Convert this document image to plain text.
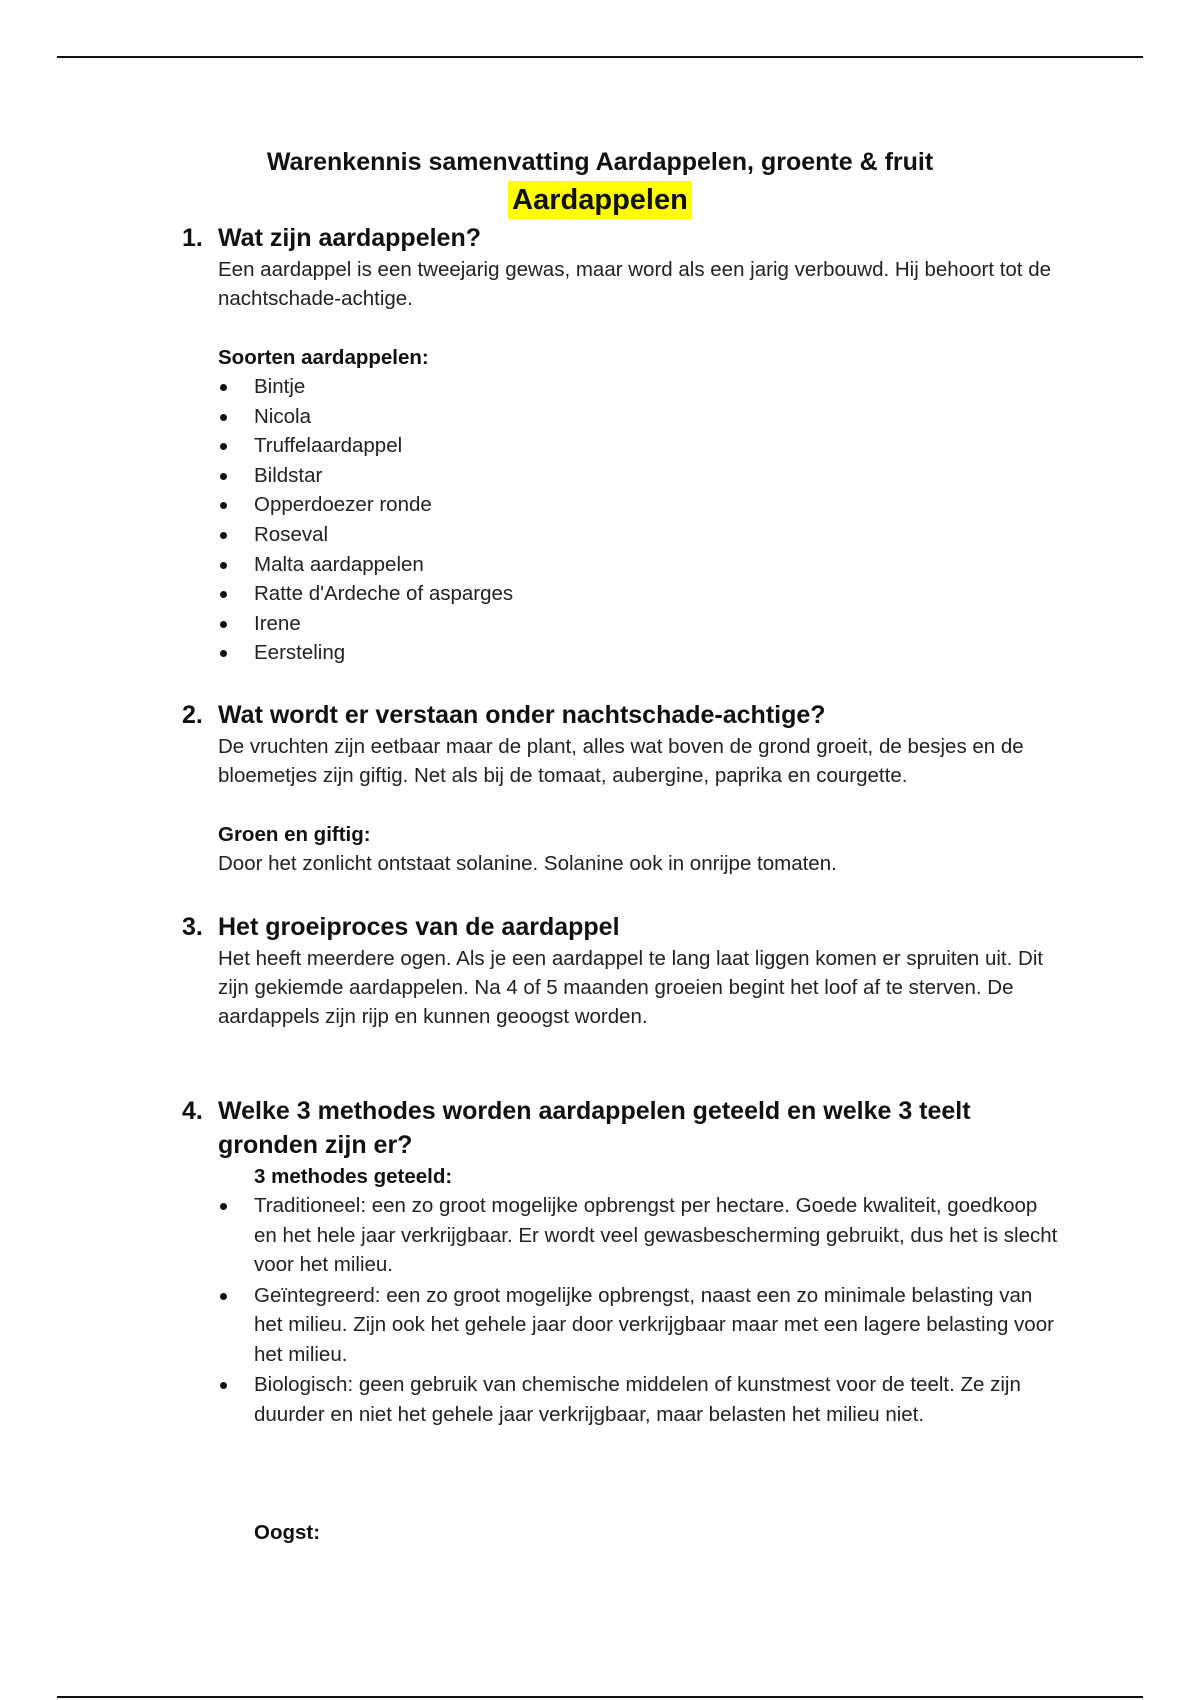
Warenkennis samenvatting Aardappelen, groente & fruit
Aardappelen
1. Wat zijn aardappelen?

Een aardappel is een tweejarig gewas, maar word als een jarig verbouwd. Hij behoort tot de nachtschade-achtige.

Soorten aardappelen:
Bintje
Nicola
Truffelaardappel
Bildstar
Opperdoezer ronde
Roseval
Malta aardappelen
Ratte d'Ardeche of asparges
Irene
Eersteling
2. Wat wordt er verstaan onder nachtschade-achtige?

De vruchten zijn eetbaar maar de plant, alles wat boven de grond groeit, de besjes en de bloemetjes zijn giftig. Net als bij de tomaat, aubergine, paprika en courgette.

Groen en giftig:

Door het zonlicht ontstaat solanine. Solanine ook in onrijpe tomaten.

3. Het groeiproces van de aardappel

Het heeft meerdere ogen. Als je een aardappel te lang laat liggen komen er spruiten uit. Dit zijn gekiemde aardappelen. Na 4 of 5 maanden groeien begint het loof af te sterven. De aardappels zijn rijp en kunnen geoogst worden.

4. Welke 3 methodes worden aardappelen geteeld en welke 3 teelt gronden zijn er?
3 methodes geteeld:
Traditioneel: een zo groot mogelijke opbrengst per hectare. Goede kwaliteit, goedkoop en het hele jaar verkrijgbaar. Er wordt veel gewasbescherming gebruikt, dus het is slecht voor het milieu.
Geïntegreerd: een zo groot mogelijke opbrengst, naast een zo minimale belasting van het milieu. Zijn ook het gehele jaar door verkrijgbaar maar met een lagere belasting voor het milieu.
Biologisch: geen gebruik van chemische middelen of kunstmest voor de teelt. Ze zijn duurder en niet het gehele jaar verkrijgbaar, maar belasten het milieu niet.
Oogst:
